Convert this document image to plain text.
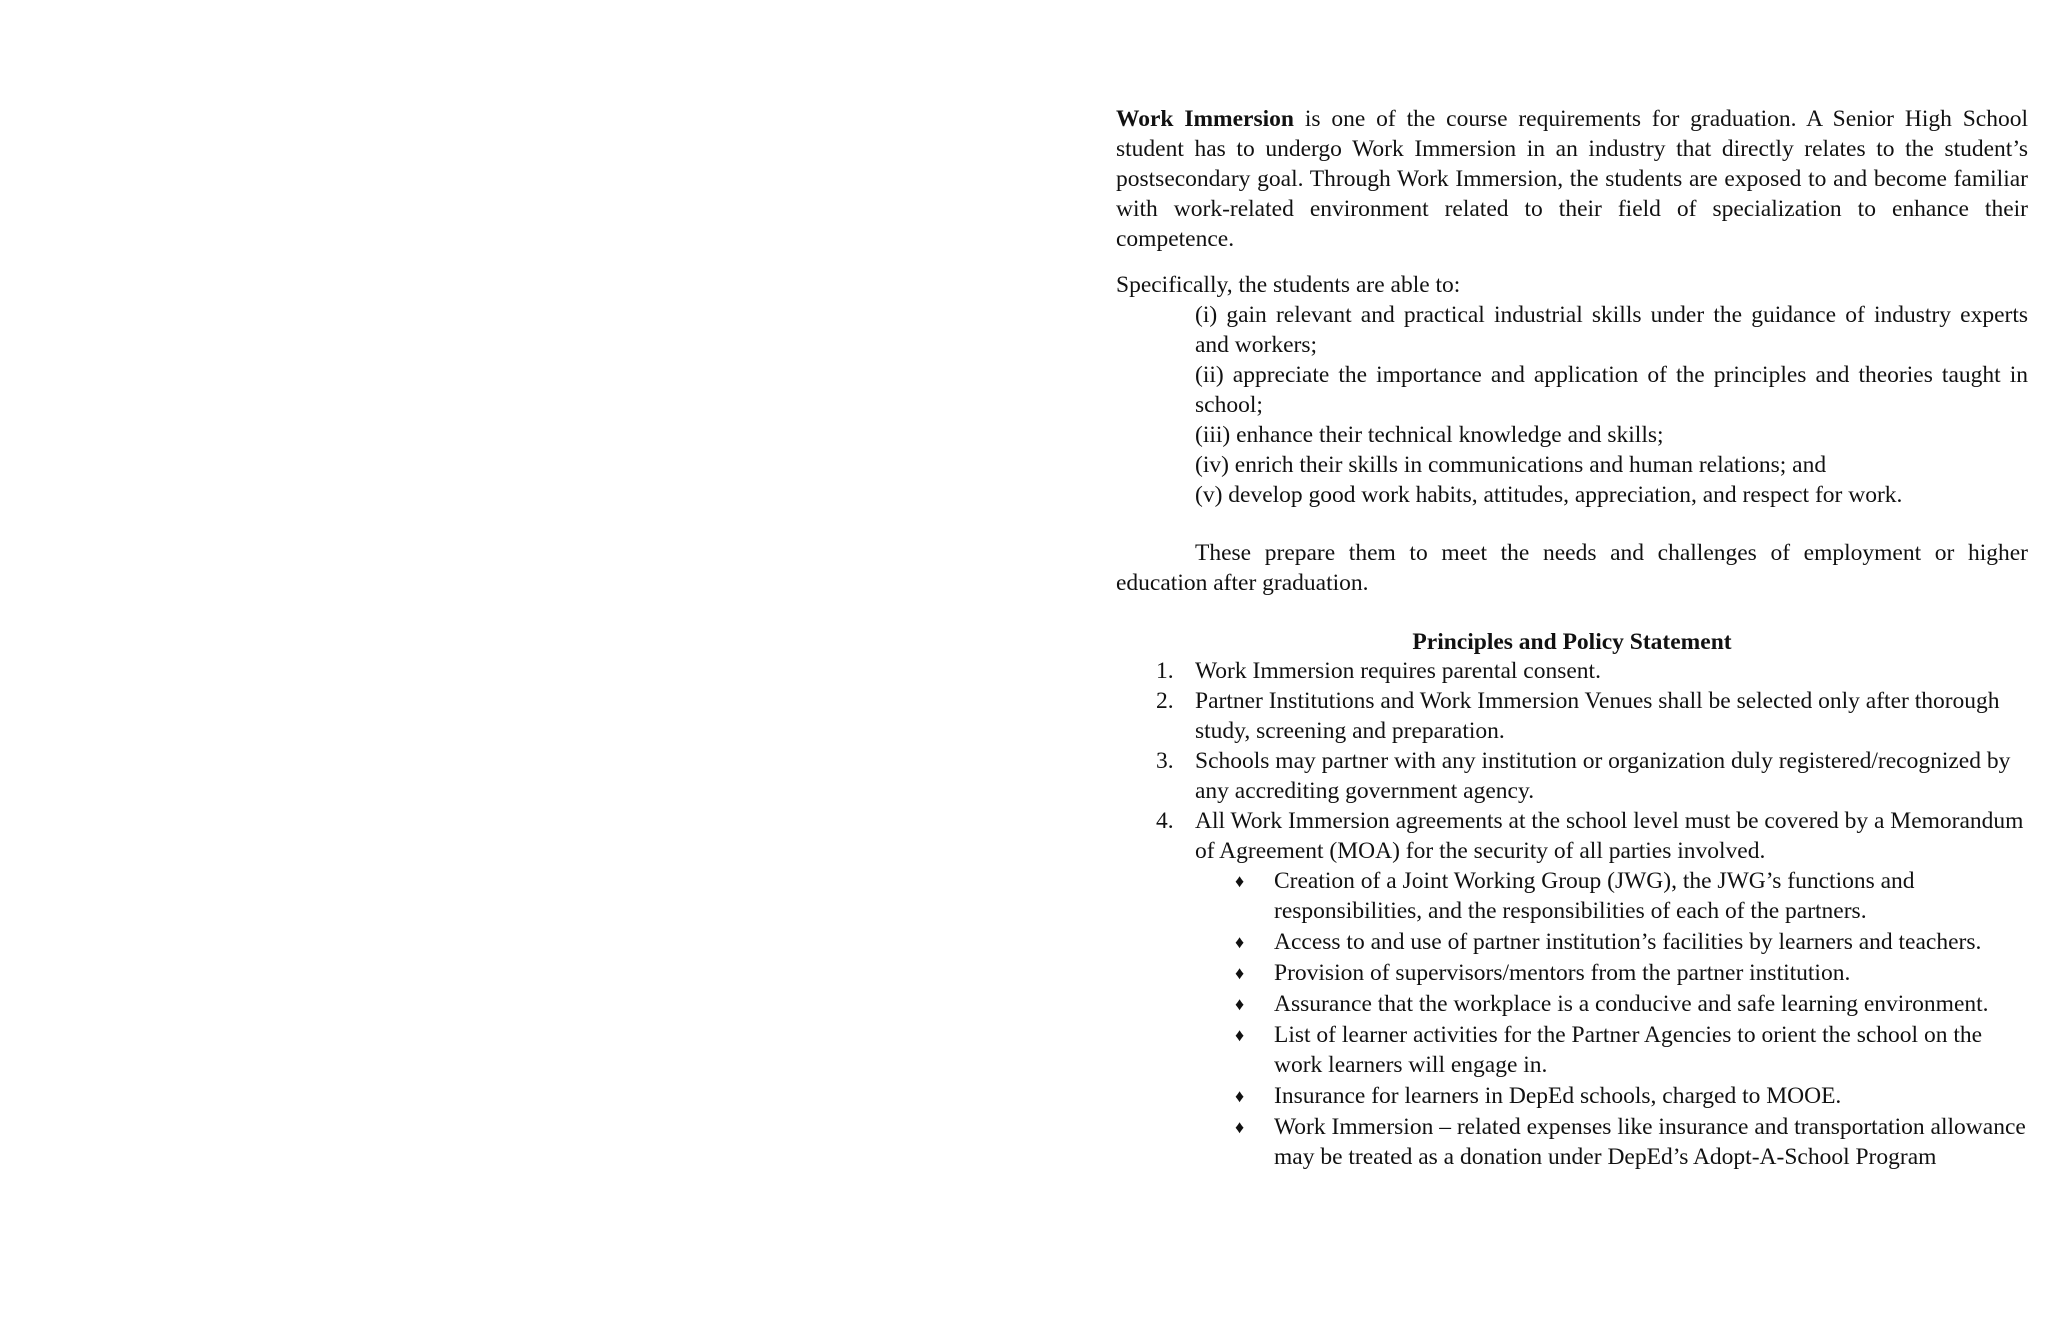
Work Immersion is one of the course requirements for graduation. A Senior High School student has to undergo Work Immersion in an industry that directly relates to the student’s postsecondary goal. Through Work Immersion, the students are exposed to and become familiar with work-related environment related to their field of specialization to enhance their competence.

Specifically, the students are able to:

(i) gain relevant and practical industrial skills under the guidance of industry experts and workers;
(ii) appreciate the importance and application of the principles and theories taught in school;
(iii) enhance their technical knowledge and skills;
(iv) enrich their skills in communications and human relations; and
(v) develop good work habits, attitudes, appreciation, and respect for work.

These prepare them to meet the needs and challenges of employment or higher education after graduation.

Principles and Policy Statement

1. Work Immersion requires parental consent.
2. Partner Institutions and Work Immersion Venues shall be selected only after thorough study, screening and preparation.
3. Schools may partner with any institution or organization duly registered/recognized by any accrediting government agency.
4. All Work Immersion agreements at the school level must be covered by a Memorandum of Agreement (MOA) for the security of all parties involved.
♦ Creation of a Joint Working Group (JWG), the JWG’s functions and responsibilities, and the responsibilities of each of the partners.
♦ Access to and use of partner institution’s facilities by learners and teachers.
♦ Provision of supervisors/mentors from the partner institution.
♦ Assurance that the workplace is a conducive and safe learning environment.
♦ List of learner activities for the Partner Agencies to orient the school on the work learners will engage in.
♦ Insurance for learners in DepEd schools, charged to MOOE.
♦ Work Immersion – related expenses like insurance and transportation allowance may be treated as a donation under DepEd’s Adopt-A-School Program
